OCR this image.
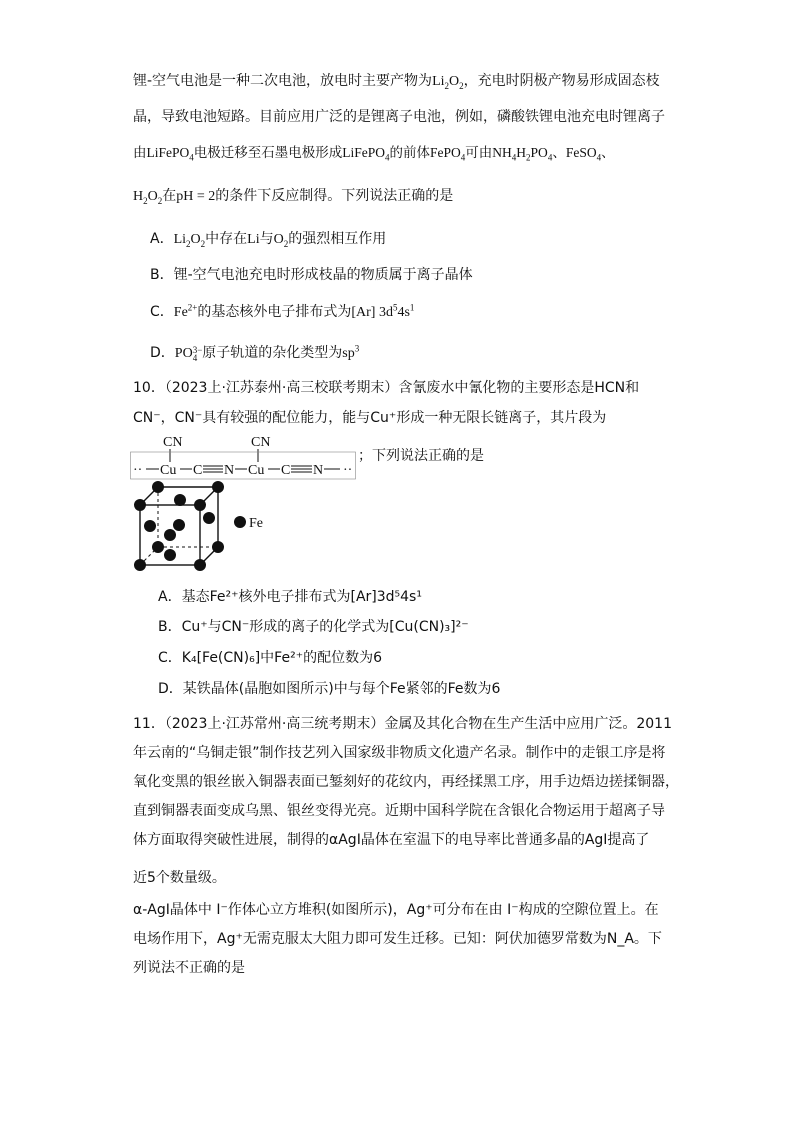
锂-空气电池是一种二次电池，放电时主要产物为$Li_2O_2$，充电时阴极产物易形成固态枝
晶，导致电池短路。目前应用广泛的是锂离子电池，例如，磷酸铁锂电池充电时锂离子
由LiFePO$_4$电极迁移至石墨电极形成LiFePO$_4$的前体FePO$_4$可由$NH_4H_2PO_4$、FeSO$_4$、
$H_2O_2$在pH = 2的条件下反应制得。下列说法正确的是
A．$Li_2O_2$中存在Li与$O_2$的强烈相互作用
B．锂-空气电池充电时形成枝晶的物质属于离子晶体
C．$Fe^{2+}$的基态核外电子排布式为[Ar] $3d^54s^1$
D．PO 3−
4 原子轨道的杂化类型为$sp^3$
10．（2023上·江苏泰州·高三校联考期末）含氰废水中氰化物的主要形态是HCN和
CN⁻，CN⁻具有较强的配位能力，能与Cu⁺形成一种无限长链离子，其片段为
CN	CN
·· Cu C N Cu C N ··
；下列说法正确的是
Fe
A．基态Fe²⁺核外电子排布式为[Ar]3d⁵4s¹
B．Cu⁺与CN⁻形成的离子的化学式为[Cu(CN)₃]²⁻
C．K₄[Fe(CN)₆]中Fe²⁺的配位数为6
D．某铁晶体(晶胞如图所示)中与每个Fe紧邻的Fe数为6
11．（2023上·江苏常州·高三统考期末）金属及其化合物在生产生活中应用广泛。2011
年云南的“乌铜走银”制作技艺列入国家级非物质文化遗产名录。制作中的走银工序是将
氧化变黑的银丝嵌入铜器表面已錾刻好的花纹内，再经揉黑工序，用手边焐边搓揉铜器，
直到铜器表面变成乌黑、银丝变得光亮。近期中国科学院在含银化合物运用于超离子导
体方面取得突破性进展，制得的αAgI晶体在室温下的电导率比普通多晶的AgI提高了
近5个数量级。
α-AgI晶体中 I⁻作体心立方堆积(如图所示)，Ag⁺可分布在由 I⁻构成的空隙位置上。在
电场作用下，Ag⁺无需克服太大阻力即可发生迁移。已知：阿伏加德罗常数为N_A。下
列说法不正确的是
